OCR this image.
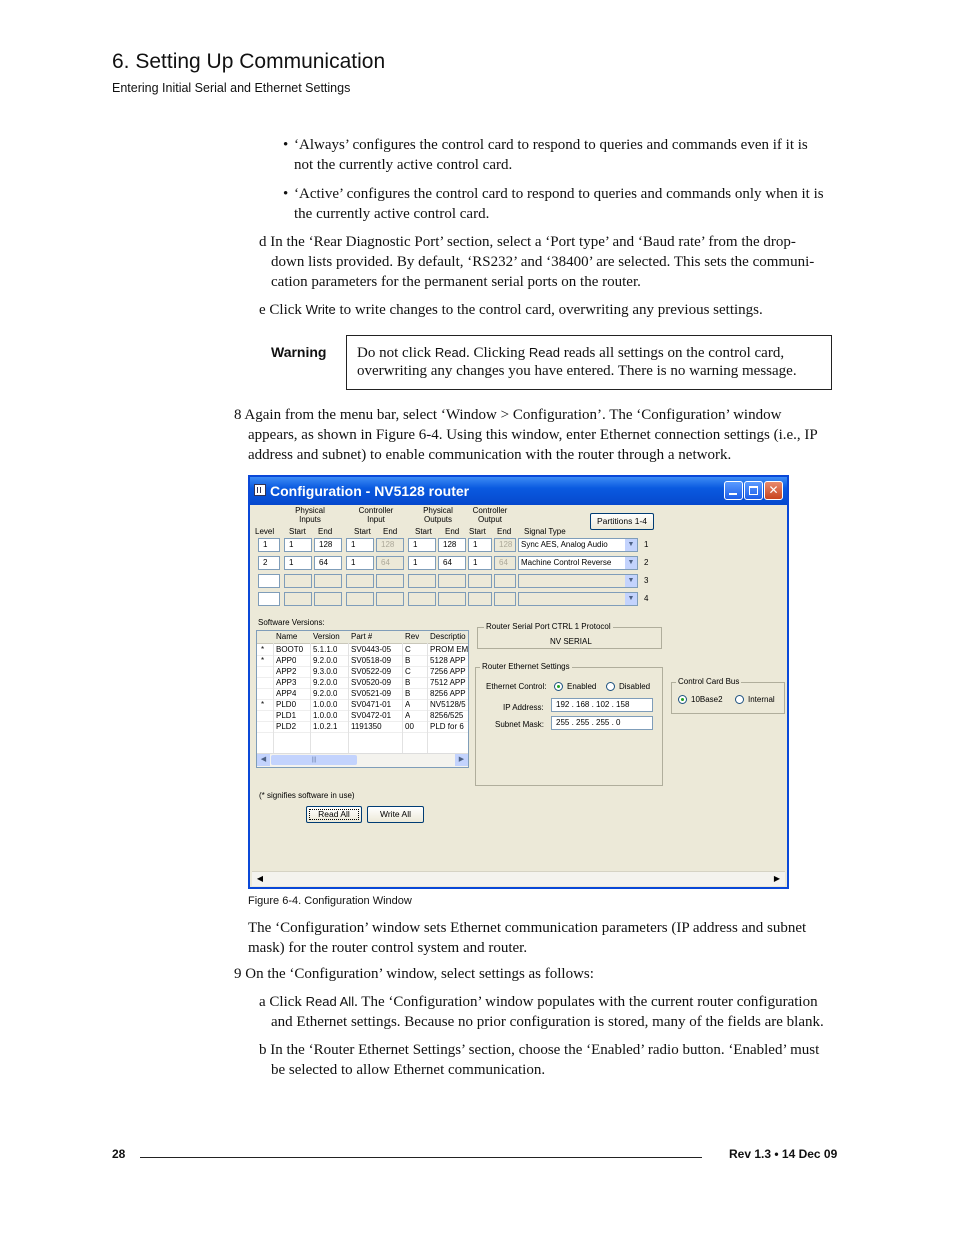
6. Setting Up Communication
Entering Initial Serial and Ethernet Settings
• ‘Always’ configures the control card to respond to queries and commands even if it is
not the currently active control card.
• ‘Active’ configures the control card to respond to queries and commands only when it is
the currently active control card.
d In the ‘Rear Diagnostic Port’ section, select a ‘Port type’ and ‘Baud rate’ from the drop-
down lists provided. By default, ‘RS232’ and ‘38400’ are selected. This sets the communi-
cation parameters for the permanent serial ports on the router.
e Click Write to write changes to the control card, overwriting any previous settings.
Warning Do not click Read. Clicking Read reads all settings on the control card,
overwriting any changes you have entered. There is no warning message.
8 Again from the menu bar, select ‘Window > Configuration’. The ‘Configuration’ window
appears, as shown in Figure 6-4. Using this window, enter Ethernet connection settings (i.e., IP
address and subnet) to enable communication with the router through a network.
Configuration - NV5128 router	✕
Physical
Inputs
Controller
Input
Physical
Outputs
Controller
Output
Level Start End	Start End Start End Start End Signal Type
Partitions 1-4
1	1	128	1	128	1	128	1	128	Sync AES, Analog Audio	▼	1
2	1	64	1	64	1	64	1	64	Machine Control Reverse	▼	2
▼	3
▼	4
Software Versions:
Name Version Part #	Rev Descriptio
* BOOT0 5.1.1.0 SV0443-05 C PROM EM
* APP0 9.2.0.0 SV0518-09 B 5128 APP
APP2 9.3.0.0 SV0522-09 C 7256 APP
APP3 9.2.0.0 SV0520-09 B 7512 APP
APP4 9.2.0.0 SV0521-09 B 8256 APP
* PLD0 1.0.0.0 SV0471-01 A NV5128/5
PLD1 1.0.0.0 SV0472-01 A 8256/525
PLD2 1.0.2.1 1191350	00 PLD for 6
◀	|||	▶
(* signifies software in use)
Read All	Write All
Router Serial Port CTRL 1 Protocol
NV SERIAL
Router Ethernet Settings
Ethernet Control:	Enabled	Disabled
IP Address:	192 . 168 . 102 . 158
Subnet Mask:	255 . 255 . 255 . 0
Control Card Bus
10Base2	Internal
◀	▶
Figure 6-4. Configuration Window
The ‘Configuration’ window sets Ethernet communication parameters (IP address and subnet
mask) for the router control system and router.
9 On the ‘Configuration’ window, select settings as follows:
a Click Read All. The ‘Configuration’ window populates with the current router configuration
and Ethernet settings. Because no prior configuration is stored, many of the fields are blank.
b In the ‘Router Ethernet Settings’ section, choose the ‘Enabled’ radio button. ‘Enabled’ must
be selected to allow Ethernet communication.
28	Rev 1.3 • 14 Dec 09
